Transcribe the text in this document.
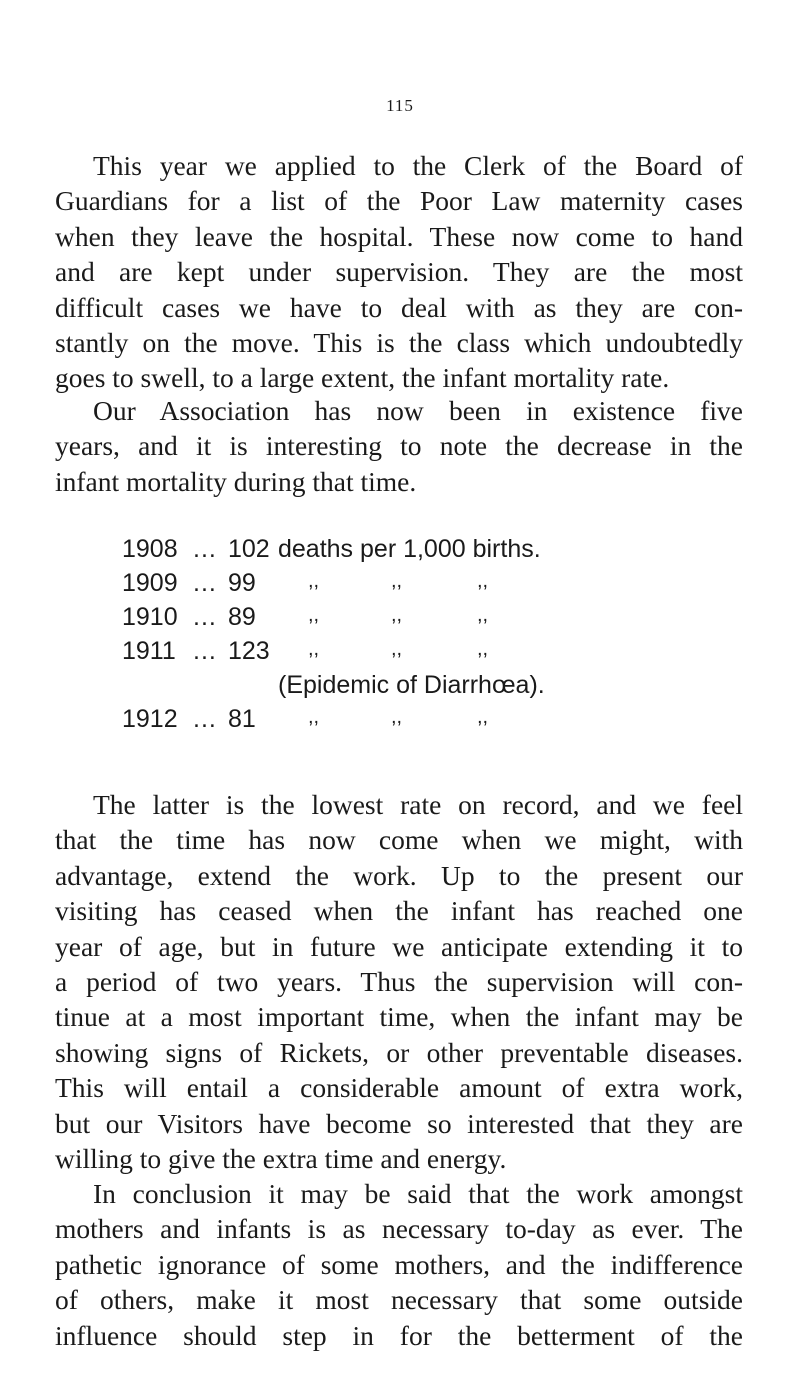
115

This year we applied to the Clerk of the Board of
Guardians for a list of the Poor Law maternity cases
when they leave the hospital. These now come to hand
and are kept under supervision. They are the most
difficult cases we have to deal with as they are con-
stantly on the move. This is the class which undoubtedly
goes to swell, to a large extent, the infant mortality rate.

Our Association has now been in existence five
years, and it is interesting to note the decrease in the
infant mortality during that time.

1908 ... 102 deaths per 1,000 births.
1909 ... 99	,,	,,	,,
1910 ... 89	,,	,,	,,
1911 ... 123 ,,	,,	,,
(Epidemic of Diarrhœa).
1912 ... 81	,,	,,	,,

The latter is the lowest rate on record, and we feel
that the time has now come when we might, with
advantage, extend the work. Up to the present our
visiting has ceased when the infant has reached one
year of age, but in future we anticipate extending it to
a period of two years. Thus the supervision will con-
tinue at a most important time, when the infant may be
showing signs of Rickets, or other preventable diseases.
This will entail a considerable amount of extra work,
but our Visitors have become so interested that they are
willing to give the extra time and energy.

In conclusion it may be said that the work amongst
mothers and infants is as necessary to-day as ever. The
pathetic ignorance of some mothers, and the indifference
of others, make it most necessary that some outside
influence should step in for the betterment of the
